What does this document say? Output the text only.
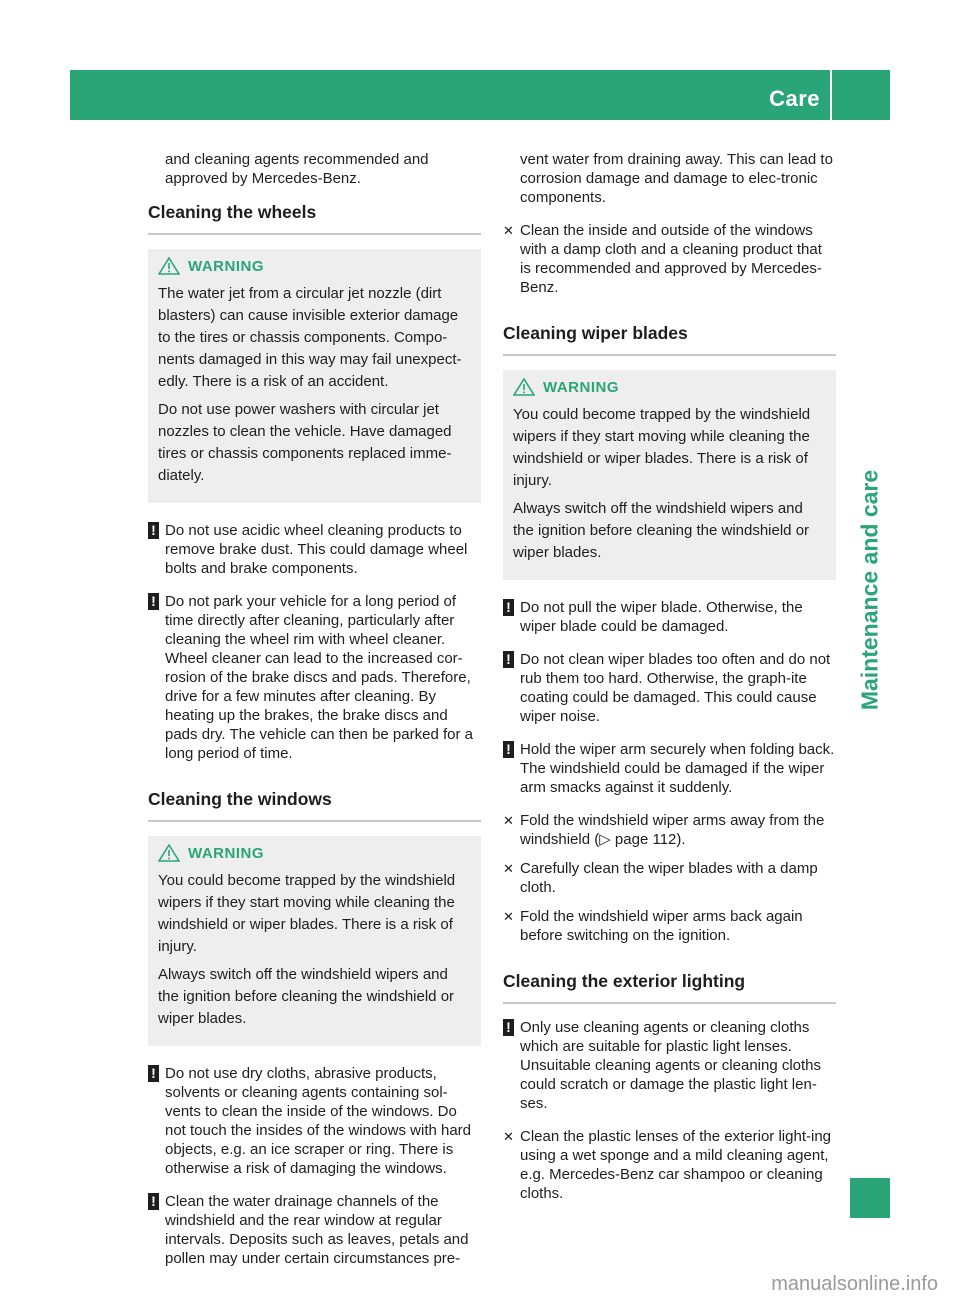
Care	291
Maintenance and care

and cleaning agents recommended and approved by Mercedes-Benz.

Cleaning the wheels
WARNING

The water jet from a circular jet nozzle (dirt blasters) can cause invisible exterior damage to the tires or chassis components. Compo-nents damaged in this way may fail unexpect-edly. There is a risk of an accident.

Do not use power washers with circular jet nozzles to clean the vehicle. Have damaged tires or chassis components replaced imme-diately.

! Do not use acidic wheel cleaning products to remove brake dust. This could damage wheel bolts and brake components.
! Do not park your vehicle for a long period of time directly after cleaning, particularly after cleaning the wheel rim with wheel cleaner. Wheel cleaner can lead to the increased cor-rosion of the brake discs and pads. Therefore, drive for a few minutes after cleaning. By heating up the brakes, the brake discs and pads dry. The vehicle can then be parked for a long period of time.
Cleaning the windows
WARNING

You could become trapped by the windshield wipers if they start moving while cleaning the windshield or wiper blades. There is a risk of injury.

Always switch off the windshield wipers and the ignition before cleaning the windshield or wiper blades.

! Do not use dry cloths, abrasive products, solvents or cleaning agents containing sol-vents to clean the inside of the windows. Do not touch the insides of the windows with hard objects, e.g. an ice scraper or ring. There is otherwise a risk of damaging the windows.
! Clean the water drainage channels of the windshield and the rear window at regular intervals. Deposits such as leaves, petals and pollen may under certain circumstances pre-

vent water from draining away. This can lead to corrosion damage and damage to elec-tronic components.

✕ Clean the inside and outside of the windows with a damp cloth and a cleaning product that is recommended and approved by Mercedes-Benz.
Cleaning wiper blades
WARNING

You could become trapped by the windshield wipers if they start moving while cleaning the windshield or wiper blades. There is a risk of injury.

Always switch off the windshield wipers and the ignition before cleaning the windshield or wiper blades.

! Do not pull the wiper blade. Otherwise, the wiper blade could be damaged.
! Do not clean wiper blades too often and do not rub them too hard. Otherwise, the graph-ite coating could be damaged. This could cause wiper noise.
! Hold the wiper arm securely when folding back. The windshield could be damaged if the wiper arm smacks against it suddenly.
✕ Fold the windshield wiper arms away from the windshield (▷ page 112).
✕ Carefully clean the wiper blades with a damp cloth.
✕ Fold the windshield wiper arms back again before switching on the ignition.
Cleaning the exterior lighting
! Only use cleaning agents or cleaning cloths which are suitable for plastic light lenses. Unsuitable cleaning agents or cleaning cloths could scratch or damage the plastic light len-ses.
✕ Clean the plastic lenses of the exterior light-ing using a wet sponge and a mild cleaning agent, e.g. Mercedes-Benz car shampoo or cleaning cloths.
manualsonline.info
